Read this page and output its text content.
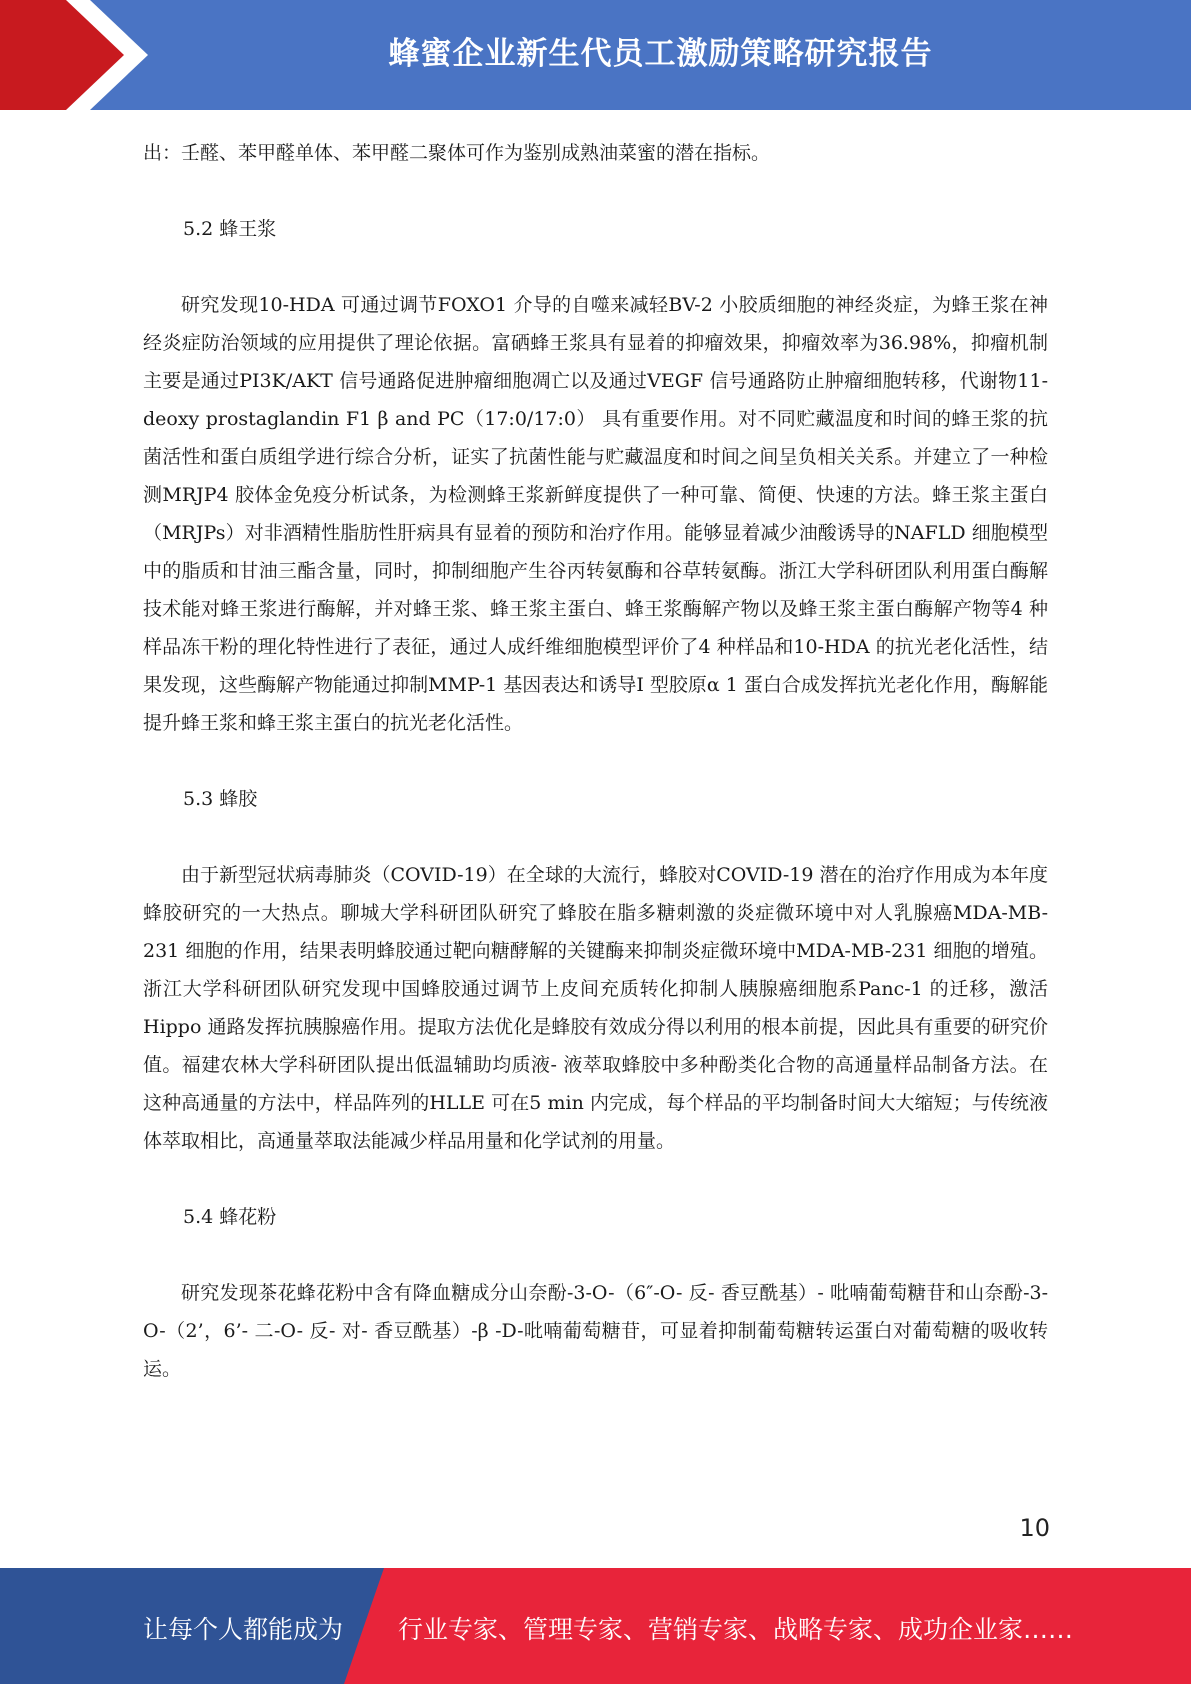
蜂蜜企业新生代员工激励策略研究报告

出：壬醛、苯甲醛单体、苯甲醛二聚体可作为鉴别成熟油菜蜜的潜在指标。

5.2 蜂王浆

研究发现10-HDA 可通过调节FOXO1 介导的自噬来减轻BV-2 小胶质细胞的神经炎症，为蜂王浆在神经炎症防治领域的应用提供了理论依据。富硒蜂王浆具有显着的抑瘤效果，抑瘤效率为36.98%，抑瘤机制主要是通过PI3K/AKT 信号通路促进肿瘤细胞凋亡以及通过VEGF 信号通路防止肿瘤细胞转移，代谢物11-deoxy prostaglandin F1 β and PC（17:0/17:0） 具有重要作用。对不同贮藏温度和时间的蜂王浆的抗菌活性和蛋白质组学进行综合分析，证实了抗菌性能与贮藏温度和时间之间呈负相关关系。并建立了一种检测MRJP4 胶体金免疫分析试条，为检测蜂王浆新鲜度提供了一种可靠、简便、快速的方法。蜂王浆主蛋白（MRJPs）对非酒精性脂肪性肝病具有显着的预防和治疗作用。能够显着减少油酸诱导的NAFLD 细胞模型中的脂质和甘油三酯含量，同时，抑制细胞产生谷丙转氨酶和谷草转氨酶。浙江大学科研团队利用蛋白酶解技术能对蜂王浆进行酶解，并对蜂王浆、蜂王浆主蛋白、蜂王浆酶解产物以及蜂王浆主蛋白酶解产物等4 种样品冻干粉的理化特性进行了表征，通过人成纤维细胞模型评价了4 种样品和10-HDA 的抗光老化活性，结果发现，这些酶解产物能通过抑制MMP-1 基因表达和诱导Ⅰ 型胶原α 1 蛋白合成发挥抗光老化作用，酶解能提升蜂王浆和蜂王浆主蛋白的抗光老化活性。

5.3 蜂胶

由于新型冠状病毒肺炎（COVID-19）在全球的大流行，蜂胶对COVID-19 潜在的治疗作用成为本年度蜂胶研究的一大热点。聊城大学科研团队研究了蜂胶在脂多糖刺激的炎症微环境中对人乳腺癌MDA-MB-231 细胞的作用，结果表明蜂胶通过靶向糖酵解的关键酶来抑制炎症微环境中MDA-MB-231 细胞的增殖。浙江大学科研团队研究发现中国蜂胶通过调节上皮间充质转化抑制人胰腺癌细胞系Panc-1 的迁移，激活Hippo 通路发挥抗胰腺癌作用。提取方法优化是蜂胶有效成分得以利用的根本前提，因此具有重要的研究价值。福建农林大学科研团队提出低温辅助均质液- 液萃取蜂胶中多种酚类化合物的高通量样品制备方法。在这种高通量的方法中，样品阵列的HLLE 可在5 min 内完成，每个样品的平均制备时间大大缩短；与传统液体萃取相比，高通量萃取法能减少样品用量和化学试剂的用量。

5.4 蜂花粉

研究发现茶花蜂花粉中含有降血糖成分山奈酚-3-O-（6″-O- 反- 香豆酰基）- 吡喃葡萄糖苷和山奈酚-3-O-（2’，6’- 二-O- 反- 对- 香豆酰基）-β -D-吡喃葡萄糖苷，可显着抑制葡萄糖转运蛋白对葡萄糖的吸收转运。

10
让每个人都能成为 行业专家、管理专家、营销专家、战略专家、成功企业家……
